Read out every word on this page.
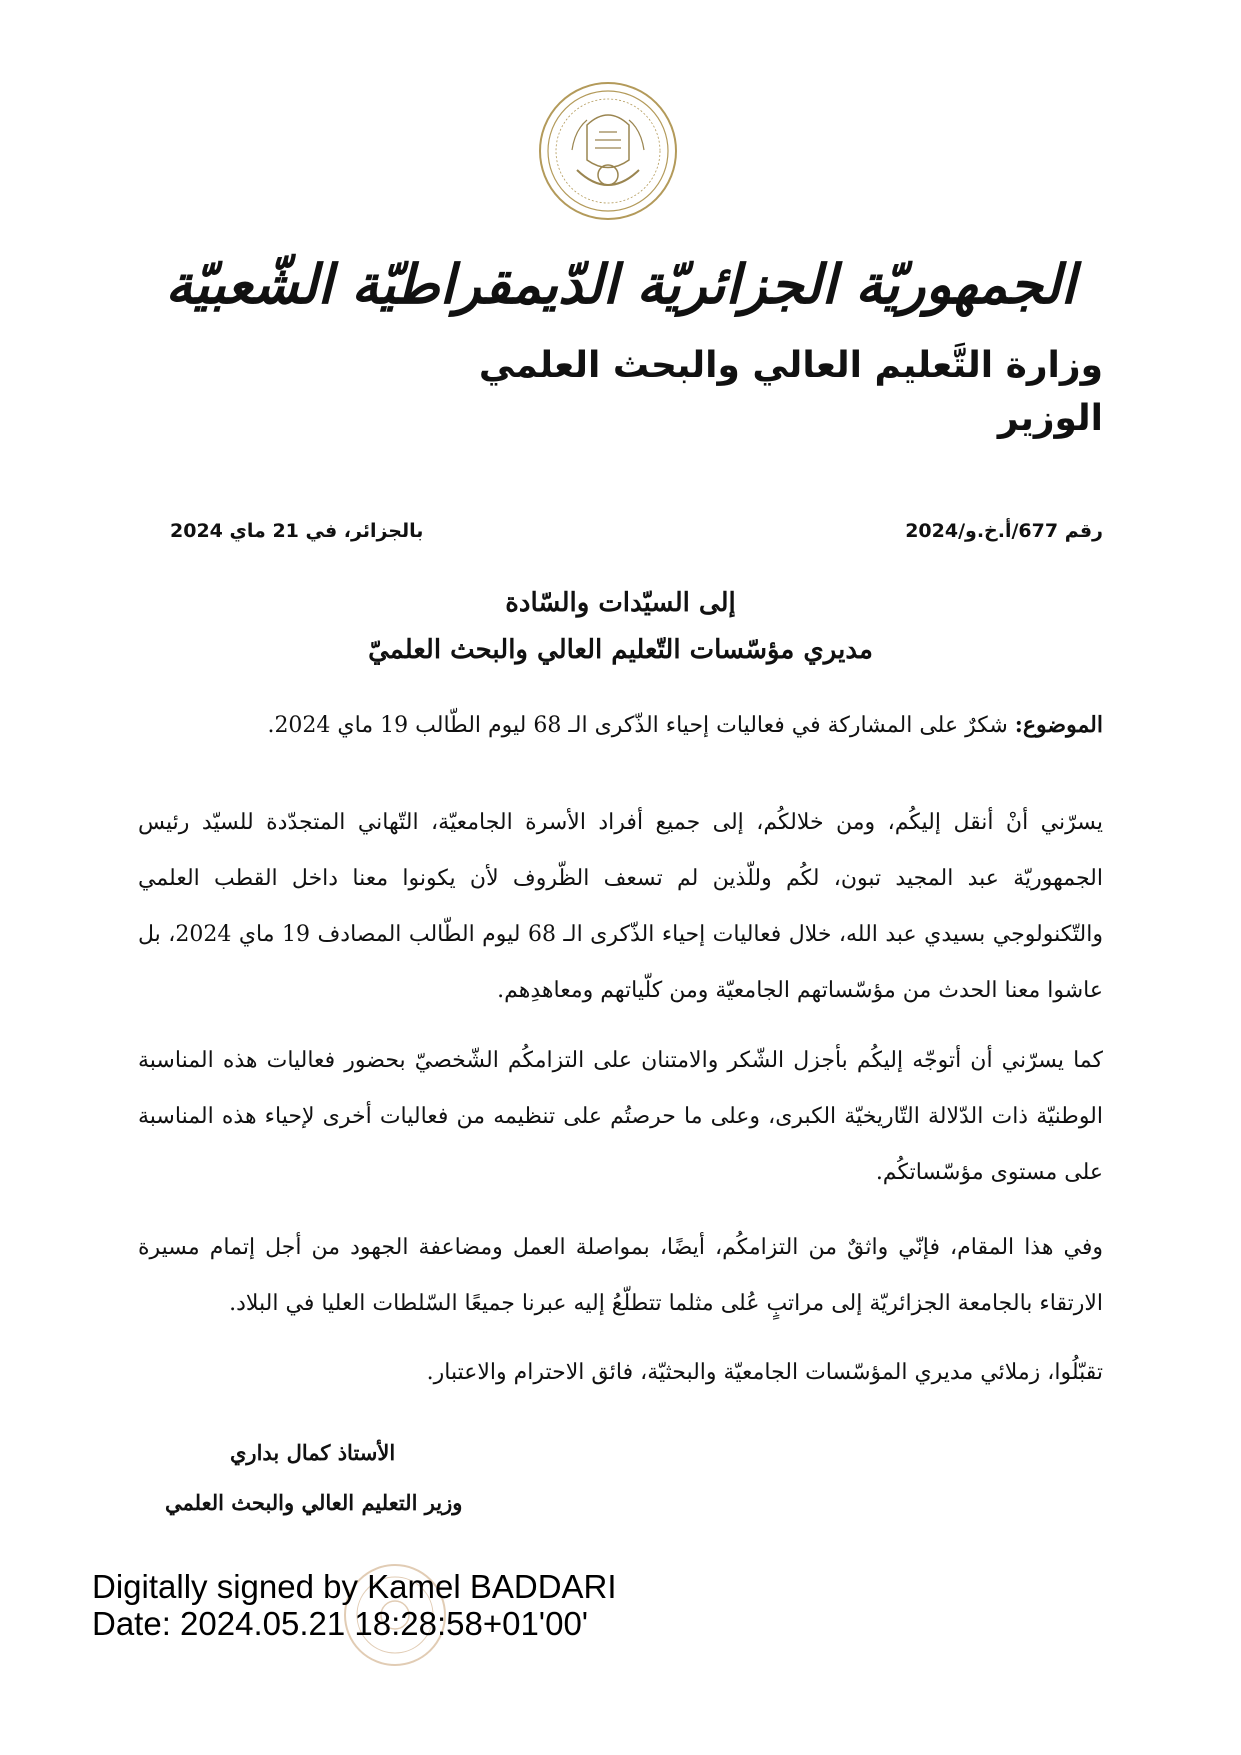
الجمهوريّة الجزائريّة الدّيمقراطيّة الشّعبيّة
وزارة التَّعليم العالي والبحث العلمي
الوزير
رقم 677/أ.خ.و/2024
بالجزائر، في 21 ماي 2024
إلى السيّدات والسّادة
مديري مؤسّسات التّعليم العالي والبحث العلميّ
الموضوع: شكرٌ على المشاركة في فعاليات إحياء الذّكرى الـ 68 ليوم الطّالب 19 ماي 2024.
يسرّني أنْ أنقل إليكُم، ومن خلالكُم، إلى جميع أفراد الأسرة الجامعيّة، التّهاني المتجدّدة للسيّد رئيس الجمهوريّة عبد المجيد تبون، لكُم وللّذين لم تسعف الظّروف لأن يكونوا معنا داخل القطب العلمي والتّكنولوجي بسيدي عبد الله، خلال فعاليات إحياء الذّكرى الـ 68 ليوم الطّالب المصادف 19 ماي 2024، بل عاشوا معنا الحدث من مؤسّساتهم الجامعيّة ومن كلّياتهم ومعاهدِهم.
كما يسرّني أن أتوجّه إليكُم بأجزل الشّكر والامتنان على التزامكُم الشّخصيّ بحضور فعاليات هذه المناسبة الوطنيّة ذات الدّلالة التّاريخيّة الكبرى، وعلى ما حرصتُم على تنظيمه من فعاليات أخرى لإحياء هذه المناسبة على مستوى مؤسّساتكُم.
وفي هذا المقام، فإنّي واثقٌ من التزامكُم، أيضًا، بمواصلة العمل ومضاعفة الجهود من أجل إتمام مسيرة الارتقاء بالجامعة الجزائريّة إلى مراتبٍ عُلى مثلما تتطلّعُ إليه عبرنا جميعًا السّلطات العليا في البلاد.
تقبّلُوا، زملائي مديري المؤسّسات الجامعيّة والبحثيّة، فائق الاحترام والاعتبار.
الأستاذ كمال بداري
وزير التعليم العالي والبحث العلمي
Digitally signed by Kamel BADDARI
Date: 2024.05.21 18:28:58+01'00'
